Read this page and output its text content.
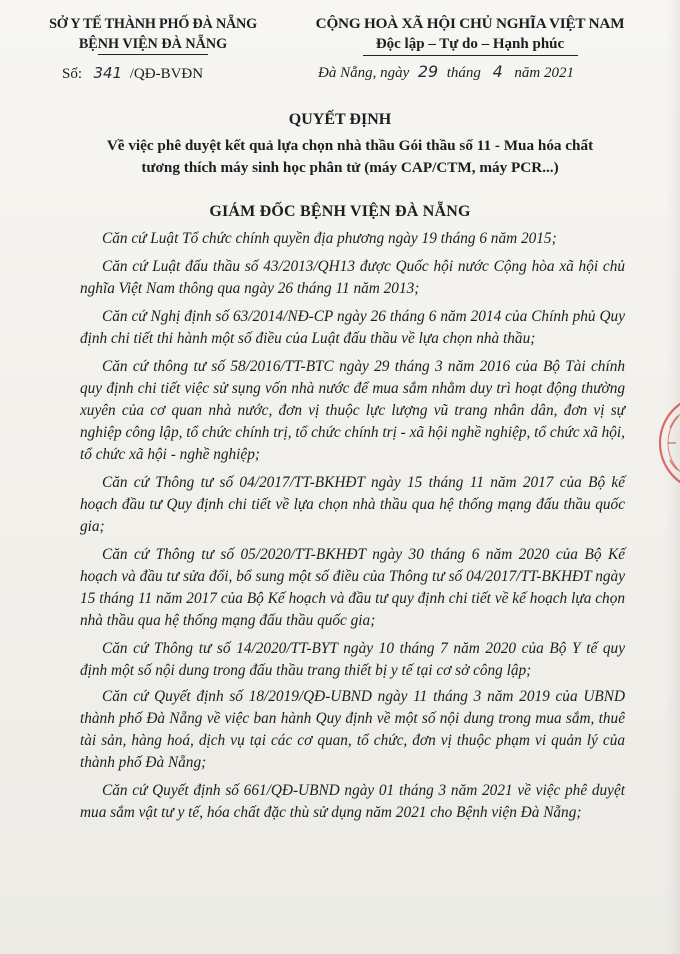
SỞ Y TẾ THÀNH PHỐ ĐÀ NẴNG
BỆNH VIỆN ĐÀ NẴNG
CỘNG HOÀ XÃ HỘI CHỦ NGHĨA VIỆT NAM
Độc lập – Tự do – Hạnh phúc
Số: 341 /QĐ-BVĐN	Đà Nẵng, ngày 29 tháng 4 năm 2021
QUYẾT ĐỊNH
Về việc phê duyệt kết quả lựa chọn nhà thầu Gói thầu số 11 - Mua hóa chất
tương thích máy sinh học phân tử (máy CAP/CTM, máy PCR...)
GIÁM ĐỐC BỆNH VIỆN ĐÀ NẴNG

Căn cứ Luật Tổ chức chính quyền địa phương ngày 19 tháng 6 năm 2015;

Căn cứ Luật đấu thầu số 43/2013/QH13 được Quốc hội nước Cộng hòa xã hội chủ nghĩa Việt Nam thông qua ngày 26 tháng 11 năm 2013;

Căn cứ Nghị định số 63/2014/NĐ-CP ngày 26 tháng 6 năm 2014 của Chính phủ Quy định chi tiết thi hành một số điều của Luật đấu thầu về lựa chọn nhà thầu;

Căn cứ thông tư số 58/2016/TT-BTC ngày 29 tháng 3 năm 2016 của Bộ Tài chính quy định chi tiết việc sử sụng vốn nhà nước để mua sắm nhằm duy trì hoạt động thường xuyên của cơ quan nhà nước, đơn vị thuộc lực lượng vũ trang nhân dân, đơn vị sự nghiệp công lập, tổ chức chính trị, tổ chức chính trị - xã hội nghề nghiệp, tổ chức xã hội, tổ chức xã hội - nghề nghiệp;

Căn cứ Thông tư số 04/2017/TT-BKHĐT ngày 15 tháng 11 năm 2017 của Bộ kế hoạch đầu tư Quy định chi tiết về lựa chọn nhà thầu qua hệ thống mạng đấu thầu quốc gia;

Căn cứ Thông tư số 05/2020/TT-BKHĐT ngày 30 tháng 6 năm 2020 của Bộ Kế hoạch và đầu tư sửa đổi, bổ sung một số điều của Thông tư số 04/2017/TT-BKHĐT ngày 15 tháng 11 năm 2017 của Bộ Kế hoạch và đầu tư quy định chi tiết về kế hoạch lựa chọn nhà thầu qua hệ thống mạng đấu thầu quốc gia;

Căn cứ Thông tư số 14/2020/TT-BYT ngày 10 tháng 7 năm 2020 của Bộ Y tế quy định một số nội dung trong đấu thầu trang thiết bị y tế tại cơ sở công lập;

Căn cứ Quyết định số 18/2019/QĐ-UBND ngày 11 tháng 3 năm 2019 của UBND thành phố Đà Nẵng về việc ban hành Quy định về một số nội dung trong mua sắm, thuê tài sản, hàng hoá, dịch vụ tại các cơ quan, tổ chức, đơn vị thuộc phạm vi quản lý của thành phố Đà Nẵng;

Căn cứ Quyết định số 661/QĐ-UBND ngày 01 tháng 3 năm 2021 về việc phê duyệt mua sắm vật tư y tế, hóa chất đặc thù sử dụng năm 2021 cho Bệnh viện Đà Nẵng;
